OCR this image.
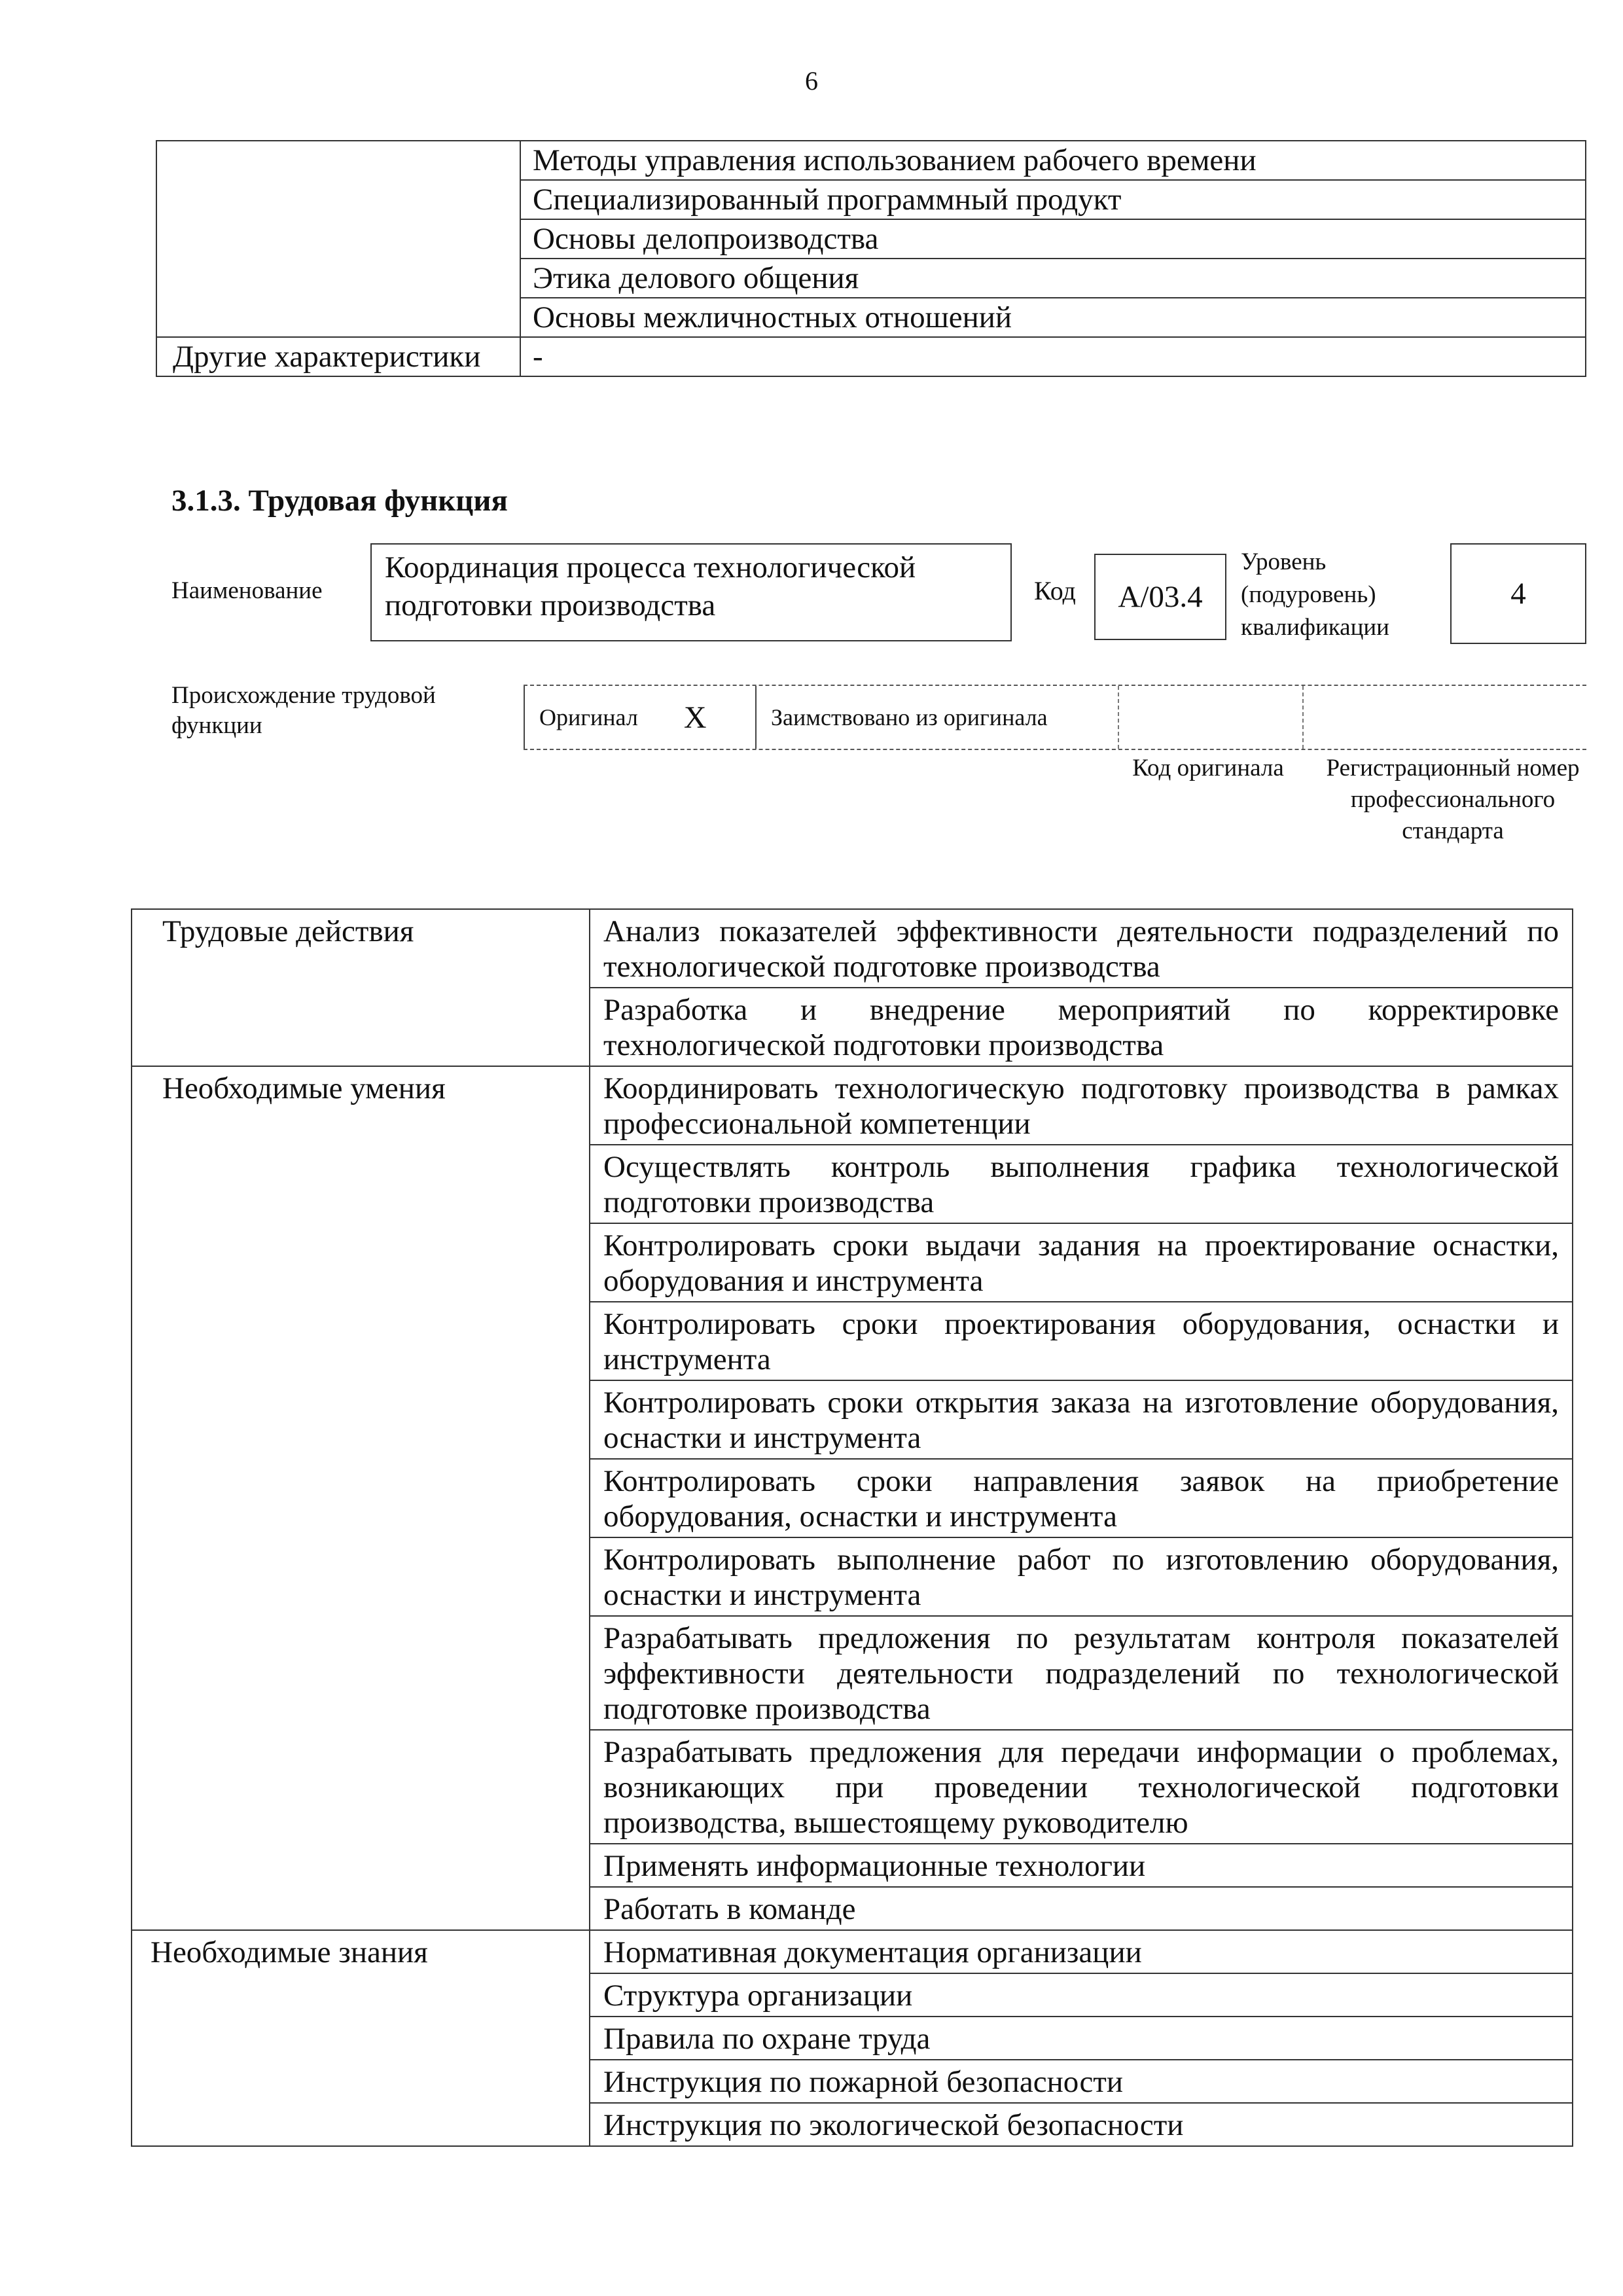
6
	Методы управления использованием рабочего времени
	Специализированный программный продукт
	Основы делопроизводства
	Этика делового общения
	Основы межличностных отношений
Другие характеристики	-
3.1.3. Трудовая функция
Наименование
Координация процесса технологической подготовки производства	Код А/03.4
Уровень (подуровень) квалификации
4
Происхождение трудовой функции	Оригинал X	Заимствовано из оригинала
Код оригинала	Регистрационный номер профессионального стандарта
Трудовые действия	Анализ показателей эффективности деятельности подразделений по технологической подготовке производства
	Разработка и внедрение мероприятий по корректировке технологической подготовки производства
Необходимые умения	Координировать технологическую подготовку производства в рамках профессиональной компетенции
	Осуществлять контроль выполнения графика технологической подготовки производства
	Контролировать сроки выдачи задания на проектирование оснастки, оборудования и инструмента
	Контролировать сроки проектирования оборудования, оснастки и инструмента
	Контролировать сроки открытия заказа на изготовление оборудования, оснастки и инструмента
	Контролировать сроки направления заявок на приобретение оборудования, оснастки и инструмента
	Контролировать выполнение работ по изготовлению оборудования, оснастки и инструмента
	Разрабатывать предложения по результатам контроля показателей эффективности деятельности подразделений по технологической подготовке производства
	Разрабатывать предложения для передачи информации о проблемах, возникающих при проведении технологической подготовки производства, вышестоящему руководителю
	Применять информационные технологии
	Работать в команде
Необходимые знания	Нормативная документация организации
	Структура организации
	Правила по охране труда
	Инструкция по пожарной безопасности
	Инструкция по экологической безопасности
